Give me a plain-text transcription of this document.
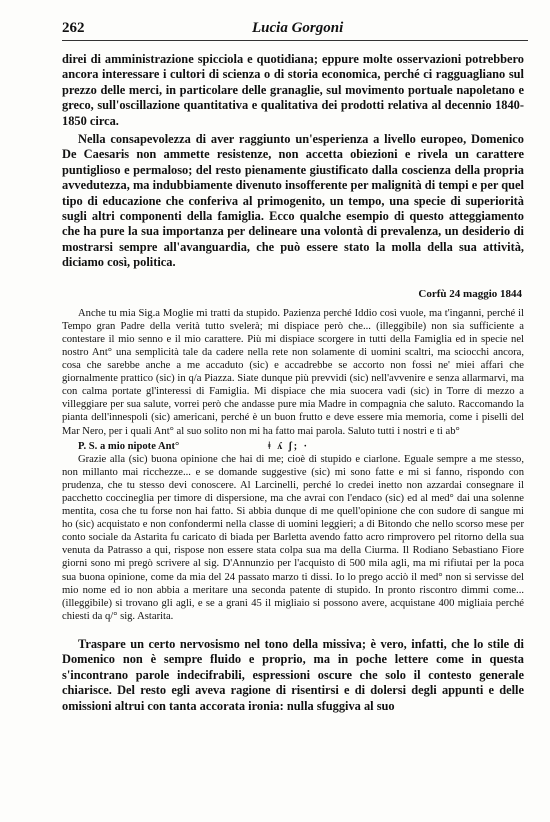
262	Lucia Gorgoni

direi di amministrazione spicciola e quotidiana; eppure molte osservazioni potrebbero ancora interessare i cultori di scienza o di storia economica, perché ci ragguagliano sul prezzo delle merci, in particolare delle granaglie, sul movimento portuale napoletano e greco, sull'oscillazione quantitativa e qualitativa dei prodotti relativa al decennio 1840-1850 circa.

Nella consapevolezza di aver raggiunto un'esperienza a livello europeo, Domenico De Caesaris non ammette resistenze, non accetta obiezioni e rivela un carattere puntiglioso e permaloso; del resto pienamente giustificato dalla coscienza della propria avvedutezza, ma indubbiamente divenuto insofferente per malignità di tempi e per quel tipo di educazione che conferiva al primogenito, un tempo, una specie di superiorità sugli altri componenti della famiglia. Ecco qualche esempio di questo atteggiamento che ha pure la sua importanza per delineare una volontà di prevalenza, un desiderio di mostrarsi sempre all'avanguardia, che può essere stato la molla della sua attività, diciamo così, politica.

Corfù 24 maggio 1844

Anche tu mia Sig.a Moglie mi tratti da stupido. Pazienza perché Iddio così vuole, ma t'inganni, perché il Tempo gran Padre della verità tutto svelerà; mi dispiace però che... (illeggibile) non sia sufficiente a contestare il mio senno e il mio carattere. Più mi dispiace scorgere in tutti della Famiglia ed in specie nel nostro Ant° una semplicità tale da cadere nella rete non solamente di uomini scaltri, ma sciocchi ancora, cosa che sarebbe anche a me accaduto (sic) e accadrebbe se accorto non fossi ne' miei affari che giornalmente prattico (sic) in q/a Piazza. Siate dunque più prevvidi (sic) nell'avvenire e senza allarmarvi, ma con calma portate gl'interessi di Famiglia. Mi dispiace che mia suocera vadi (sic) in Torre di mezzo a villeggiare per sua salute, vorrei però che andasse pure mia Madre in compagnia che saluto. Raccomando la pianta dell'innespoli (sic) americani, perché è un buon frutto e deve essere mia memoria, come i piselli del Mar Nero, per i quali Ant° al suo solito non mi ha fatto mai parola. Saluto tutti i nostri e ti ab°

P. S. a mio nipote Ant°	ǂ ʎ ʃ; ·

Grazie alla (sic) buona opinione che hai di me; cioè di stupido e ciarlone. Eguale sempre a me stesso, non millanto mai ricchezze... e se domande suggestive (sic) mi sono fatte e mi si fanno, rispondo con prudenza, che tu stesso devi conoscere. Al Larcinelli, perché lo credei inetto non azzardai consegnare il pacchetto coccineglia per timore di dispersione, ma che avrai con l'endaco (sic) ed al med° dai una solenne mentita, cosa che tu forse non hai fatto. Si abbia dunque di me quell'opinione che con sudore di sangue mi ho (sic) acquistato e non confondermi nella classe di uomini leggieri; a di Bitondo che nello scorso mese per conto sociale da Astarita fu caricato di biada per Barletta avendo fatto acro rimprovero pel ritorno della sua venuta da Patrasso a qui, rispose non essere stata colpa sua ma della Ciurma. Il Rodiano Sebastiano Fiore giorni sono mi pregò scrivere al sig. D'Annunzio per l'acquisto di 500 mila agli, ma mi rifiutai per la poca sua buona opinione, come da mia del 24 passato marzo ti dissi. Io lo prego acciò il med° non si servisse del mio nome ed io non abbia a meritare una seconda patente di stupido. In pronto riscontro dimmi come... (illeggibile) si trovano gli agli, e se a grani 45 il migliaio si possono avere, acquistane 400 migliaia perché chiesti da q/° sig. Astarita.

Traspare un certo nervosismo nel tono della missiva; è vero, infatti, che lo stile di Domenico non è sempre fluido e proprio, ma in poche lettere come in questa s'incontrano parole indecifrabili, espressioni oscure che solo il contesto generale chiarisce. Del resto egli aveva ragione di risentirsi e di dolersi degli appunti e delle omissioni altrui con tanta accorata ironia: nulla sfuggiva al suo
